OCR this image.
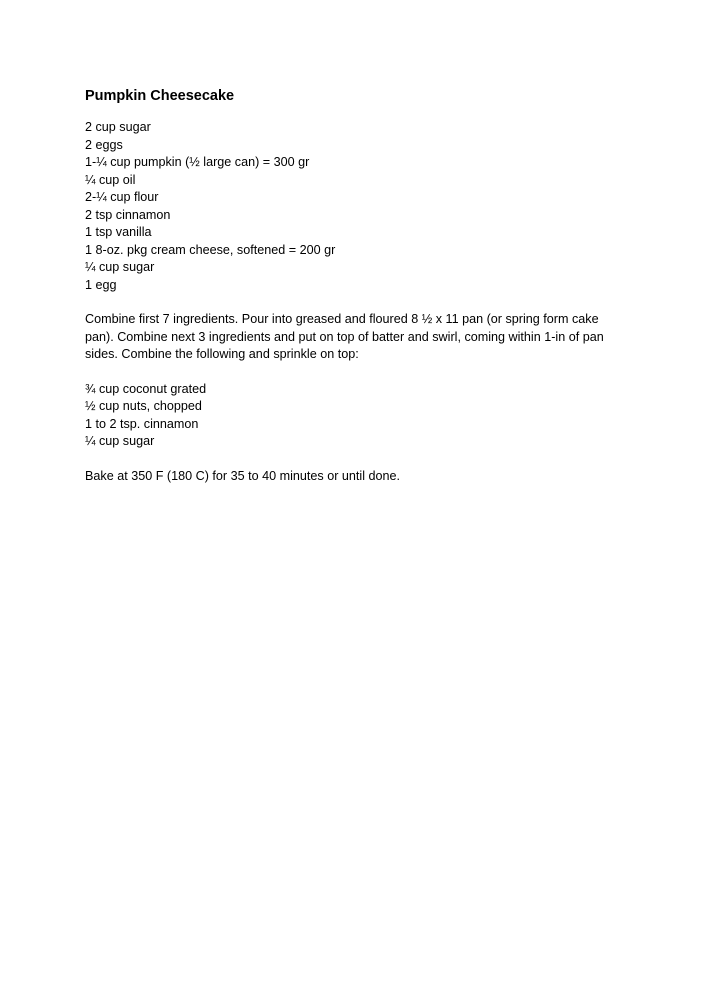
Pumpkin Cheesecake
2 cup sugar
2 eggs
1-¼ cup pumpkin (½ large can) = 300 gr
¼ cup oil
2-¼ cup flour
2 tsp cinnamon
1 tsp vanilla
1 8-oz. pkg cream cheese, softened = 200 gr
¼ cup sugar
1 egg

Combine first 7 ingredients. Pour into greased and floured 8 ½ x 11 pan (or spring form cake pan). Combine next 3 ingredients and put on top of batter and swirl, coming within 1-in of pan sides. Combine the following and sprinkle on top:

¾ cup coconut grated
½ cup nuts, chopped
1 to 2 tsp. cinnamon
¼ cup sugar

Bake at 350 F (180 C) for 35 to 40 minutes or until done.
